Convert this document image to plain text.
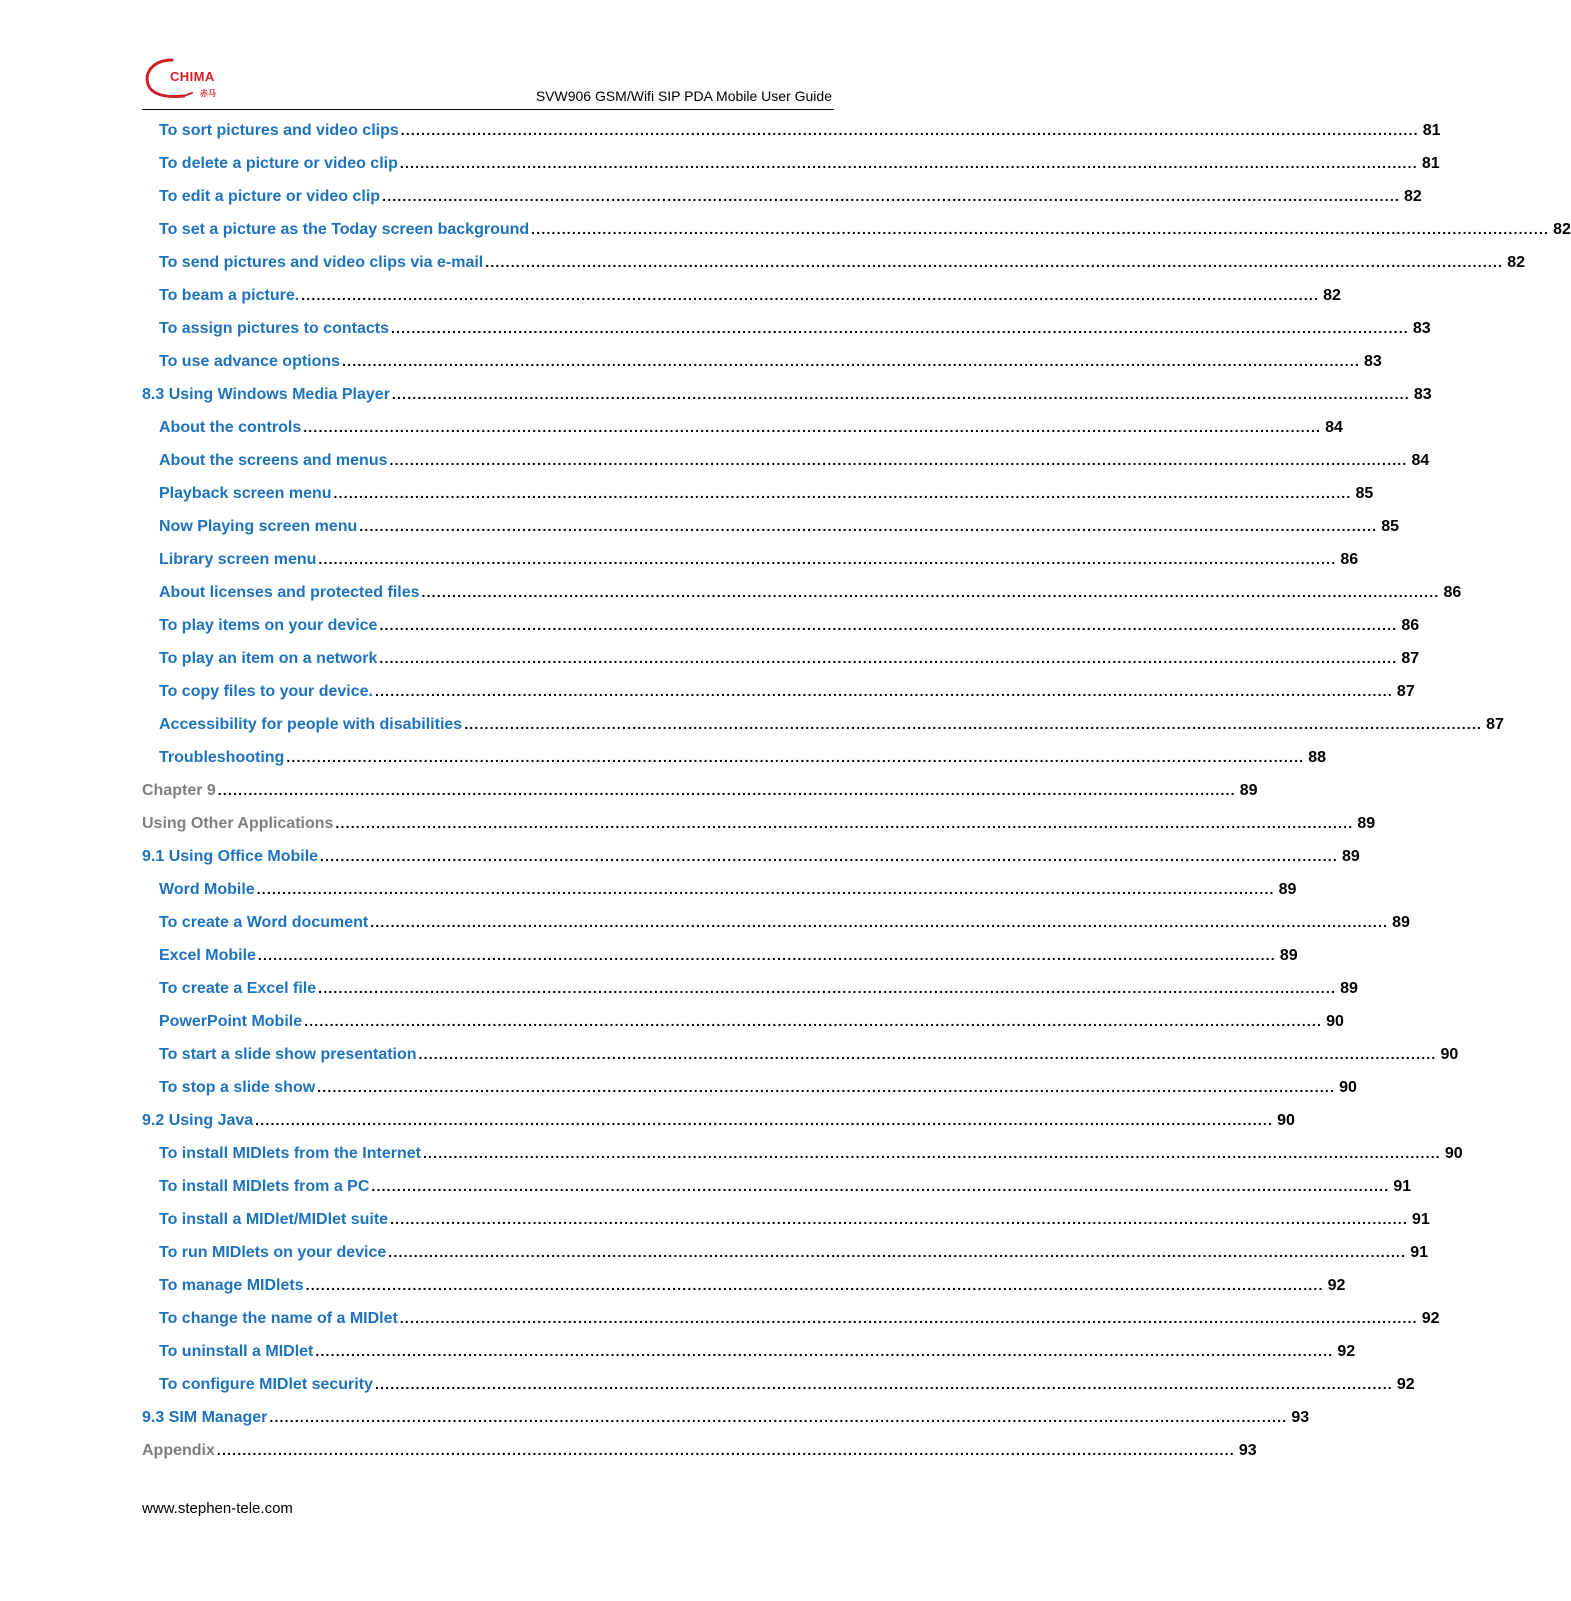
CHIMA
赤马	SVW906 GSM/Wifi SIP PDA Mobile User Guide
To sort pictures and video clips ........................................................................................................................................................................................................ 81
To delete a picture or video clip ........................................................................................................................................................................................................ 81
To edit a picture or video clip ........................................................................................................................................................................................................ 82
To set a picture as the Today screen background ........................................................................................................................................................................................................ 82
To send pictures and video clips via e-mail ........................................................................................................................................................................................................ 82
To beam a picture. ........................................................................................................................................................................................................ 82
To assign pictures to contacts ........................................................................................................................................................................................................ 83
To use advance options ........................................................................................................................................................................................................ 83
8.3 Using Windows Media Player ........................................................................................................................................................................................................ 83
About the controls ........................................................................................................................................................................................................ 84
About the screens and menus ........................................................................................................................................................................................................ 84
Playback screen menu ........................................................................................................................................................................................................ 85
Now Playing screen menu ........................................................................................................................................................................................................ 85
Library screen menu ........................................................................................................................................................................................................ 86
About licenses and protected files ........................................................................................................................................................................................................ 86
To play items on your device ........................................................................................................................................................................................................ 86
To play an item on a network ........................................................................................................................................................................................................ 87
To copy files to your device. ........................................................................................................................................................................................................ 87
Accessibility for people with disabilities ........................................................................................................................................................................................................ 87
Troubleshooting ........................................................................................................................................................................................................ 88
Chapter 9 ........................................................................................................................................................................................................ 89
Using Other Applications ........................................................................................................................................................................................................ 89
9.1 Using Office Mobile ........................................................................................................................................................................................................ 89
Word Mobile ........................................................................................................................................................................................................ 89
To create a Word document ........................................................................................................................................................................................................ 89
Excel Mobile ........................................................................................................................................................................................................ 89
To create a Excel file ........................................................................................................................................................................................................ 89
PowerPoint Mobile ........................................................................................................................................................................................................ 90
To start a slide show presentation ........................................................................................................................................................................................................ 90
To stop a slide show ........................................................................................................................................................................................................ 90
9.2 Using Java ........................................................................................................................................................................................................ 90
To install MIDlets from the Internet ........................................................................................................................................................................................................ 90
To install MIDlets from a PC ........................................................................................................................................................................................................ 91
To install a MIDlet/MIDlet suite ........................................................................................................................................................................................................ 91
To run MIDlets on your device ........................................................................................................................................................................................................ 91
To manage MIDlets ........................................................................................................................................................................................................ 92
To change the name of a MIDlet ........................................................................................................................................................................................................ 92
To uninstall a MIDlet ........................................................................................................................................................................................................ 92
To configure MIDlet security ........................................................................................................................................................................................................ 92
9.3 SIM Manager ........................................................................................................................................................................................................ 93
Appendix ........................................................................................................................................................................................................ 93
www.stephen-tele.com
